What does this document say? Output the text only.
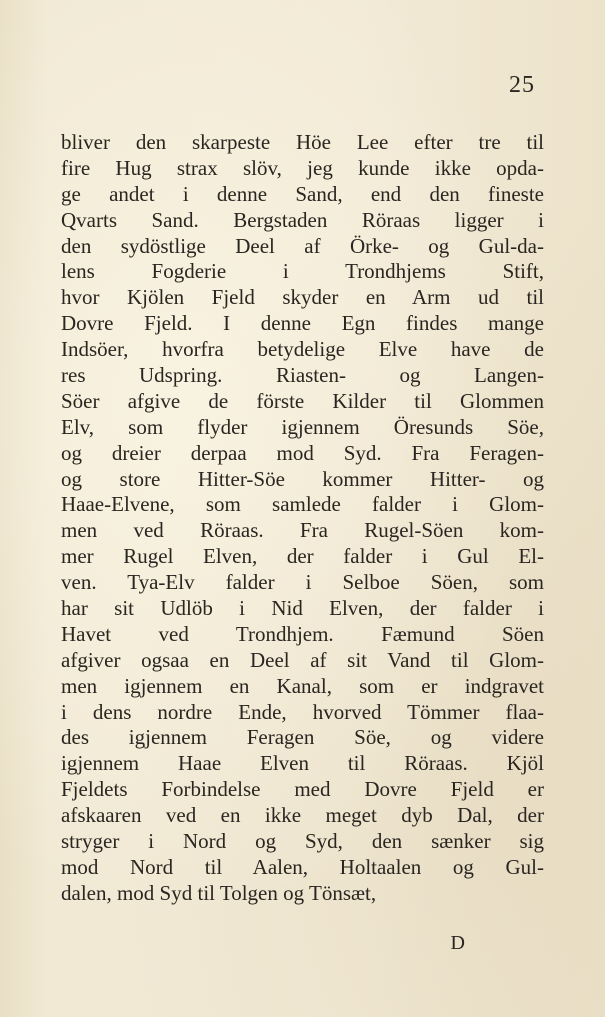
25
bliver den skarpeste Höe Lee efter tre til
fire Hug strax slöv, jeg kunde ikke opda-
ge andet i denne Sand, end den fineste
Qvarts Sand. Bergstaden Röraas ligger i
den sydöstlige Deel af Örke- og Gul-da-
lens Fogderie i Trondhjems Stift,
hvor Kjölen Fjeld skyder en Arm ud til
Dovre Fjeld. I denne Egn findes mange
Indsöer, hvorfra betydelige Elve have de
res Udspring. Riasten- og Langen-
Söer afgive de förste Kilder til Glommen
Elv, som flyder igjennem Öresunds Söe,
og dreier derpaa mod Syd. Fra Feragen-
og store Hitter-Söe kommer Hitter- og
Haae-Elvene, som samlede falder i Glom-
men ved Röraas. Fra Rugel-Söen kom-
mer Rugel Elven, der falder i Gul El-
ven. Tya-Elv falder i Selboe Söen, som
har sit Udlöb i Nid Elven, der falder i
Havet ved Trondhjem. Fæmund Söen
afgiver ogsaa en Deel af sit Vand til Glom-
men igjennem en Kanal, som er indgravet
i dens nordre Ende, hvorved Tömmer flaa-
des igjennem Feragen Söe, og videre
igjennem Haae Elven til Röraas. Kjöl
Fjeldets Forbindelse med Dovre Fjeld er
afskaaren ved en ikke meget dyb Dal, der
stryger i Nord og Syd, den sænker sig
mod Nord til Aalen, Holtaalen og Gul-
dalen, mod Syd til Tolgen og Tönsæt,
D
